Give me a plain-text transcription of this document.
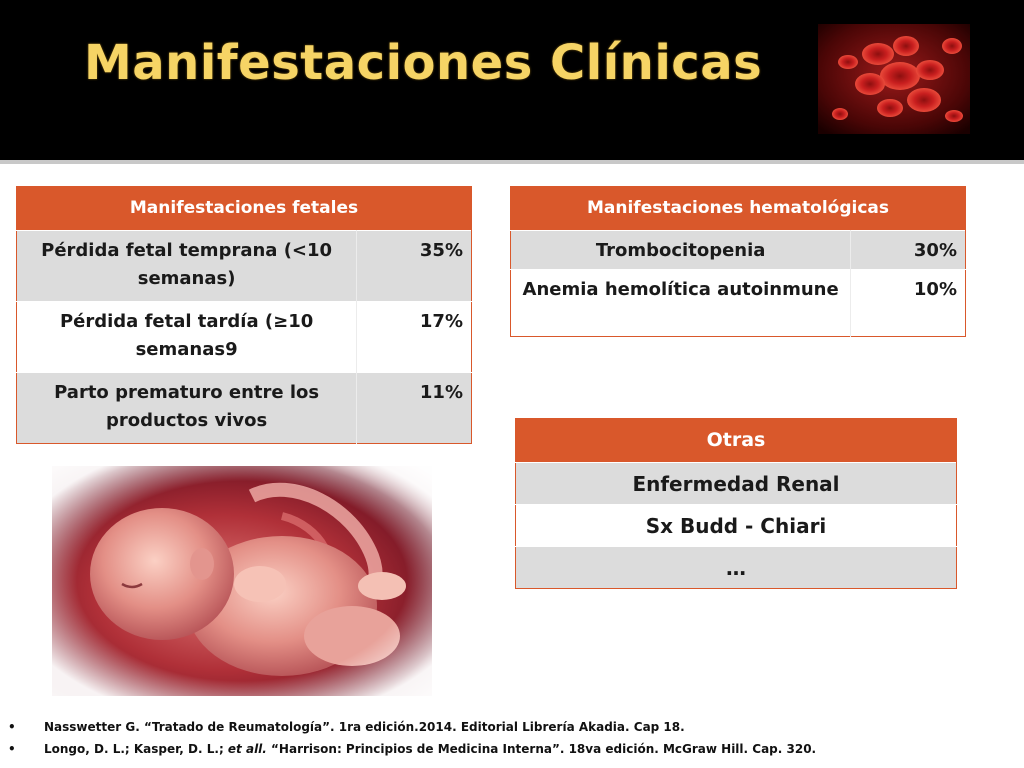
Manifestaciones Clínicas
Manifestaciones fetales	
Pérdida fetal temprana (<10 semanas)	35%
Pérdida fetal tardía (≥10 semanas9	17%
Parto prematuro entre los productos vivos	11%
Manifestaciones hematológicas	
Trombocitopenia	30%
Anemia hemolítica autoinmune	10%
Otras
Enfermedad Renal
Sx Budd - Chiari
…
• Nasswetter G. “Tratado de Reumatología”. 1ra edición.2014. Editorial Librería Akadia. Cap 18.
• Longo, D. L.; Kasper, D. L.; et all. “Harrison: Principios de Medicina Interna”. 18va edición. McGraw Hill. Cap. 320.
